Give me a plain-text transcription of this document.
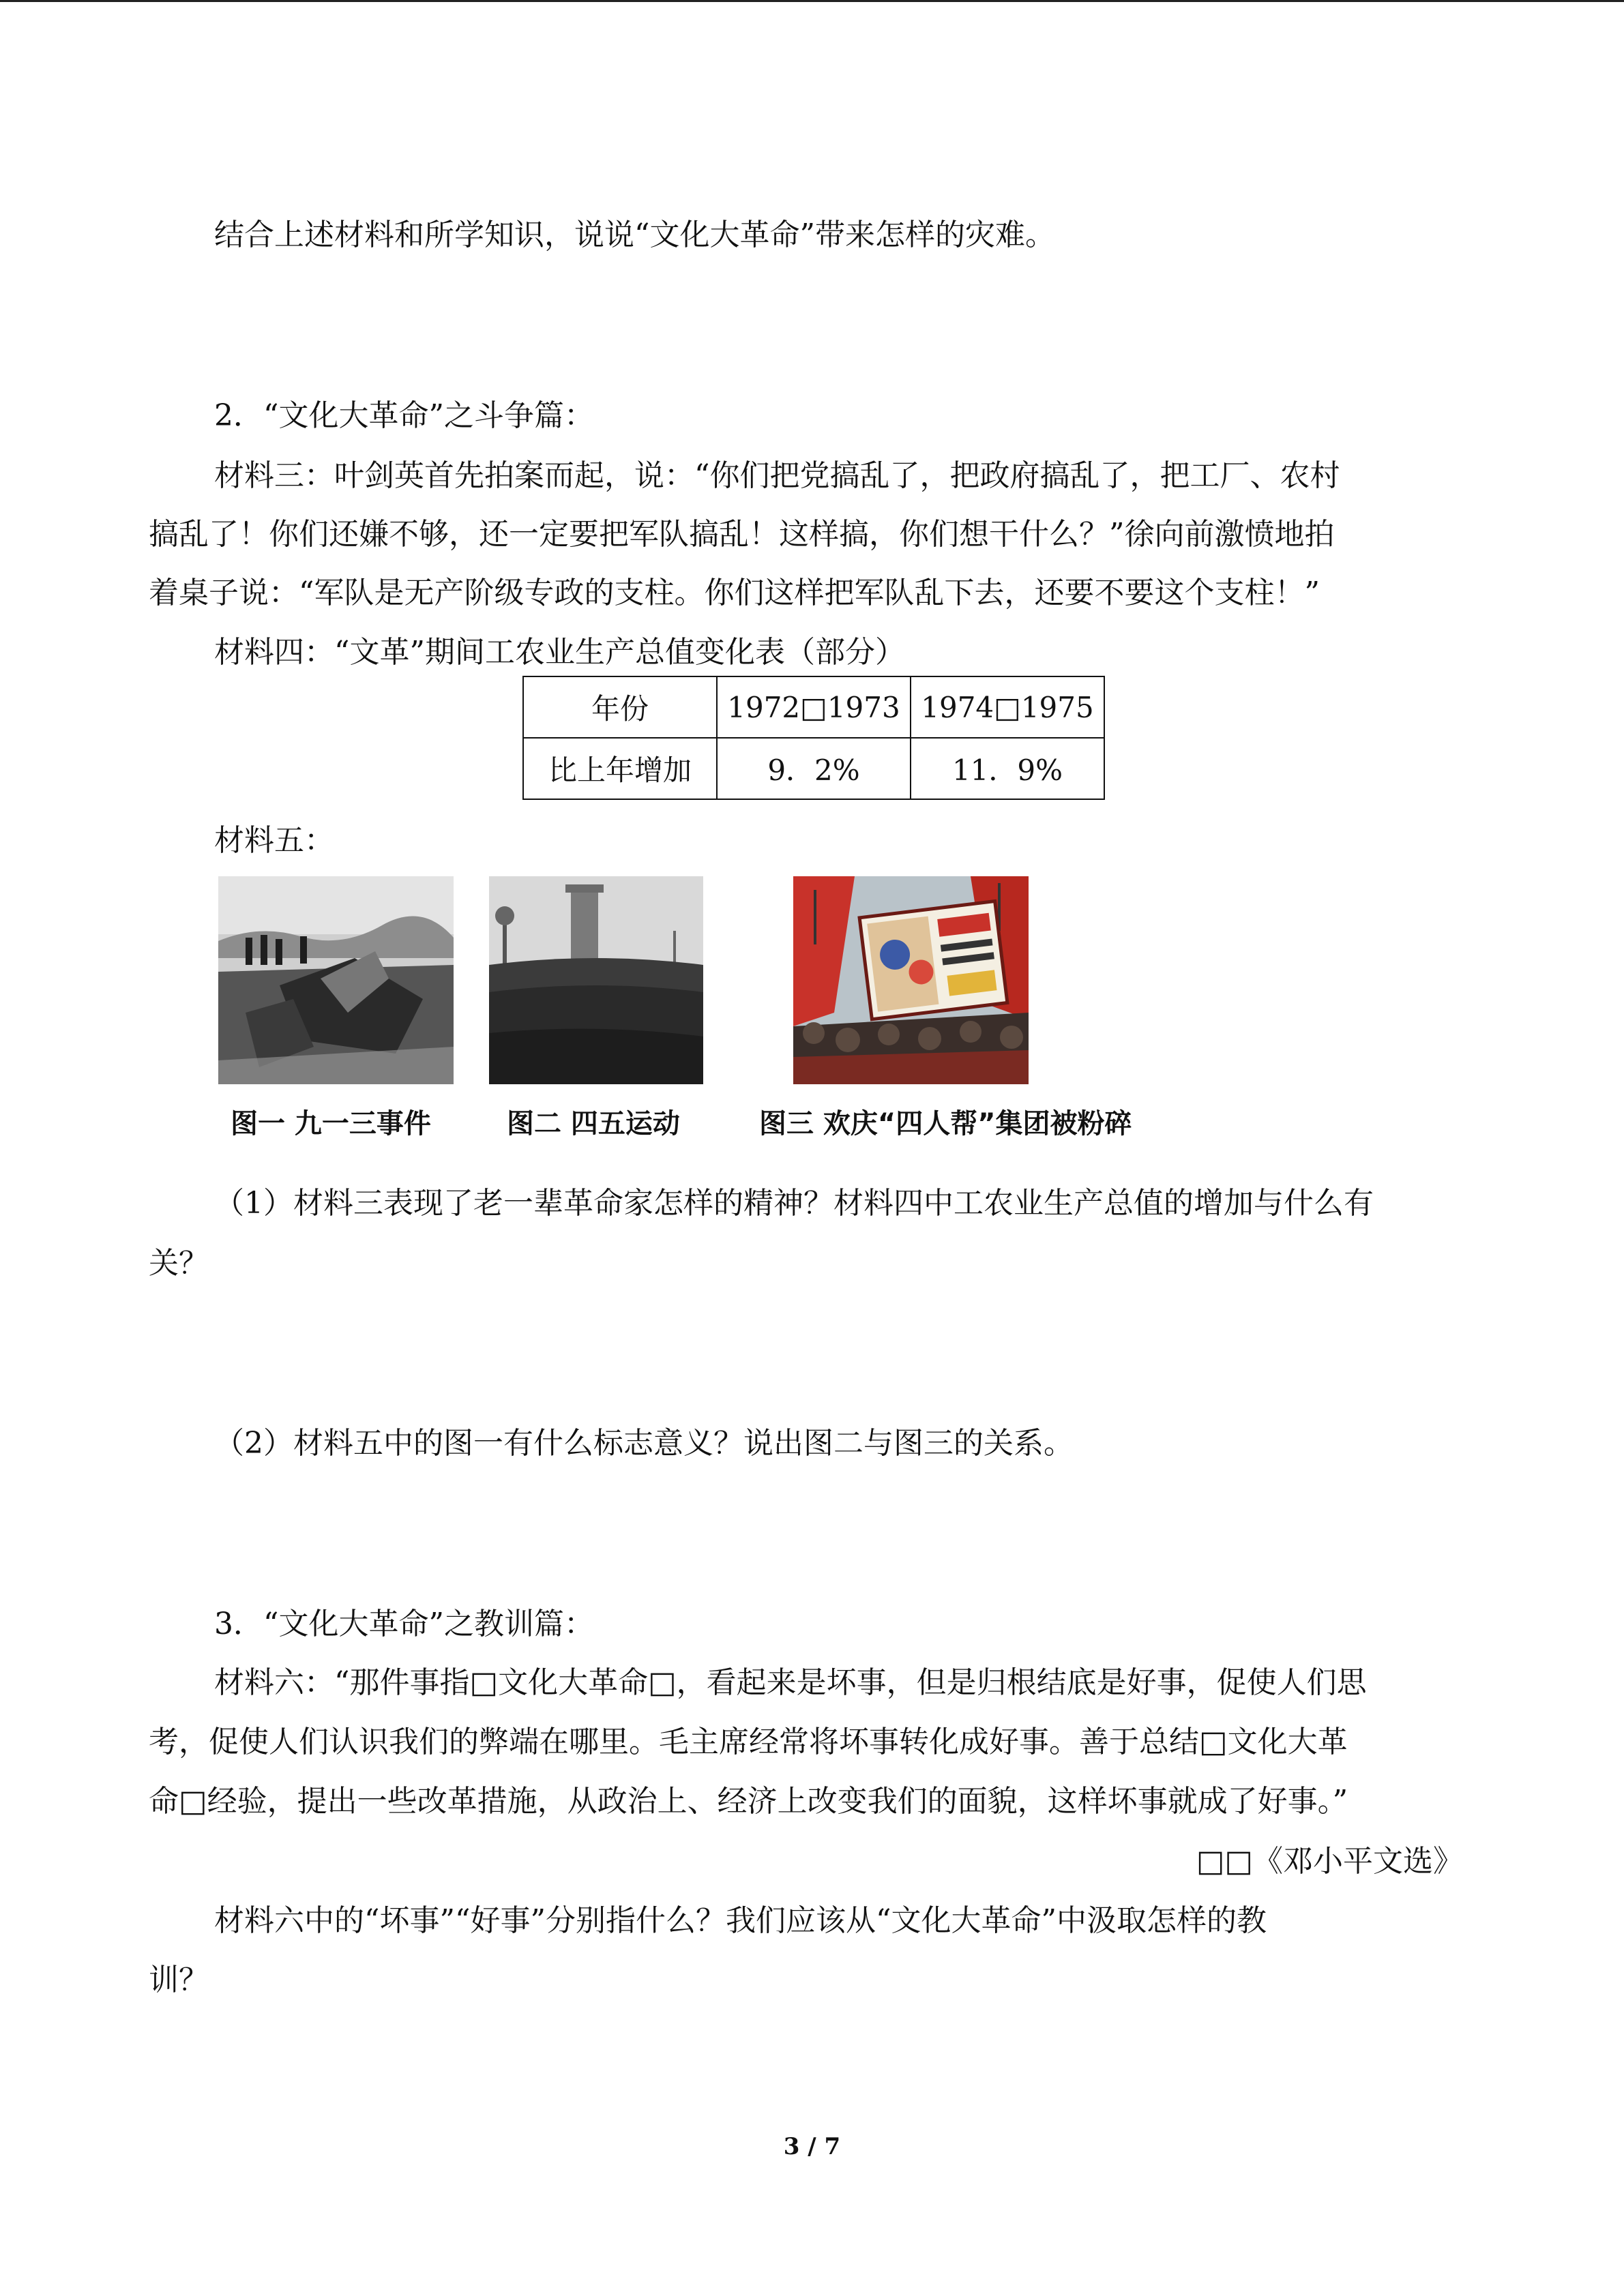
结合上述材料和所学知识，说说“文化大革命”带来怎样的灾难。
2．“文化大革命”之斗争篇：
材料三：叶剑英首先拍案而起，说：“你们把党搞乱了，把政府搞乱了，把工厂、农村
搞乱了！你们还嫌不够，还一定要把军队搞乱！这样搞，你们想干什么？”徐向前激愤地拍
着桌子说：“军队是无产阶级专政的支柱。你们这样把军队乱下去，还要不要这个支柱！”
材料四：“文革”期间工农业生产总值变化表（部分）
年份	1972□1973	1974□1975
比上年增加	9．2%	11．9%
材料五：
图一 九一三事件	图二 四五运动	图三 欢庆“四人帮”集团被粉碎
（1）材料三表现了老一辈革命家怎样的精神？材料四中工农业生产总值的增加与什么有
关？
（2）材料五中的图一有什么标志意义？说出图二与图三的关系。
3．“文化大革命”之教训篇：
材料六：“那件事指□文化大革命□，看起来是坏事，但是归根结底是好事，促使人们思
考，促使人们认识我们的弊端在哪里。毛主席经常将坏事转化成好事。善于总结□文化大革
命□经验，提出一些改革措施，从政治上、经济上改变我们的面貌，这样坏事就成了好事。”
□□《邓小平文选》
材料六中的“坏事”“好事”分别指什么？我们应该从“文化大革命”中汲取怎样的教
训？
3 / 7
